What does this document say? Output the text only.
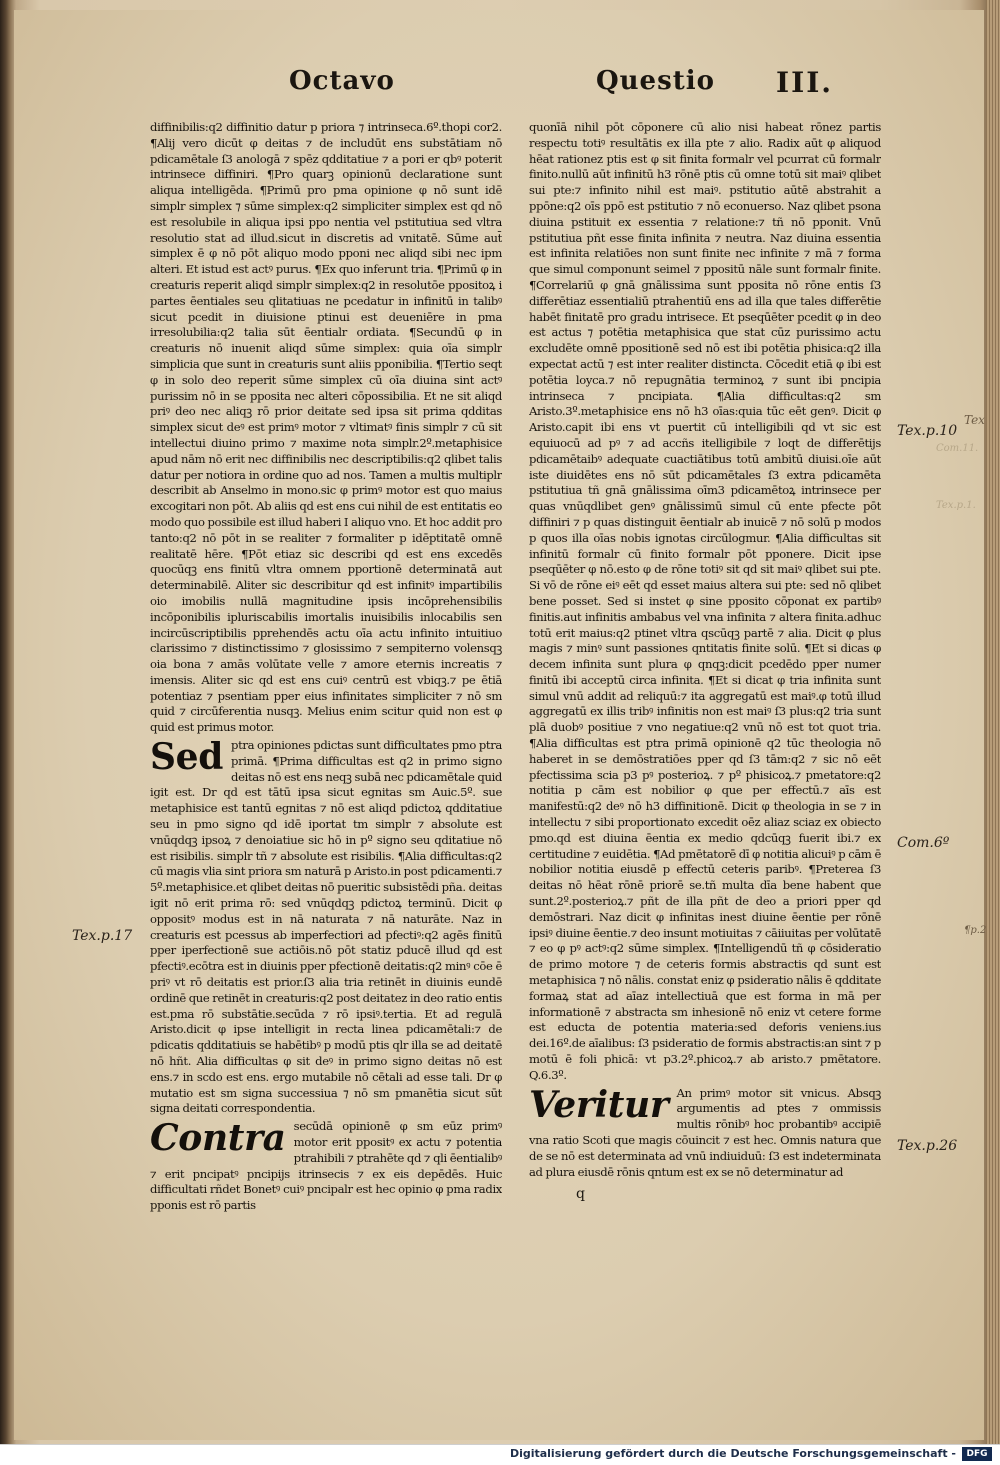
Octavo	Questio III.

diffinibilis:q2 diffinitio datur p priora ⁊ intrinseca.6º.thopi cor2. ¶Alij vero dicūt φ deitas ⁊ de includūt ens substātiam nō pdicamētale ſ3 anologā ⁊ spēz qdditatiue ⁊ a pori er qbꝰ poterit intrinsece diffiniri. ¶Pro quarꝫ opinionū declaratione sunt aliqua intelligēda. ¶Primū pro pma opinione φ nō sunt idē simplr simplex ⁊ sūme simplex:q2 simpliciter simplex est qd nō est resolubile in aliqua ipsi ppo nentia vel pstitutiua sed vltra resolutio stat ad illud.sicut in discretis ad vnitatē. Sūme aut̄ simplex ē φ nō pōt aliquo modo pponi nec aliqd sibi nec ipm alteri. Et istud est actꝰ purus. ¶Ex quo inferunt tria. ¶Primū φ in creaturis reperit aliqd simplr simplex:q2 in resolutōe ppositoꝝ i partes ēentiales seu qlitatiuas ne pcedatur in infinitū in talibꝰ sicut pcedit in diuisione ptinui est deueniēre in pma irresolubilia:q2 talia sūt ēentialr ordiata. ¶Secundū φ in creaturis nō inuenit aliqd sūme simplex: quia oīa simplr simplicia que sunt in creaturis sunt aliis pponibilia. ¶Tertio seqt φ in solo deo reperit sūme simplex cū oīa diuina sint actꝰ purissim nō in se pposita nec alteri cōpossibilia. Et ne sit aliqd priꝰ deo nec aliqꝫ rō prior deitate sed ipsa sit prima qdditas simplex sicut deꝰ est primꝰ motor ⁊ vltimatꝰ finis simplr ⁊ cū sit intellectui diuino primo ⁊ maxime nota simplr.2º.metaphisice apud nām nō erit nec diffinibilis nec descriptibilis:q2 qlibet talis datur per notiora in ordine quo ad nos. Tamen a multis multiplr describit ab Anselmo in mono.sic φ primꝰ motor est quo maius excogitari non pōt. Ab aliis qd est ens cui nihil de est entitatis eo modo quo possibile est illud haberi I aliquo vno. Et hoc addit pro tanto:q2 nō pōt in se realiter ⁊ formaliter p idēptitatē omnē realitatē hēre. ¶Pōt etiaz sic describi qd est ens excedēs quocūqꝫ ens finitū vltra omnem pportionē determinatā aut determinabilē. Aliter sic describitur qd est infinitꝰ impartibilis oio imobilis nullā magnitudine ipsis incōprehensibilis incōponibilis ipluriscabilis imortalis inuisibilis inlocabilis sen incircūscriptibilis pprehendēs actu oīa actu infinito intuitiuo clarissimo ⁊ distinctissimo ⁊ glosissimo ⁊ sempiterno volensqꝫ oia bona ⁊ amās volūtate velle ⁊ amore eternis increatis ⁊ imensis. Aliter sic qd est ens cuiꝰ centrū est vbiqꝫ.⁊ pe ētiā potentiaz ⁊ psentiam pper eius infinitates simpliciter ⁊ nō sm quid ⁊ circūferentia nusqꝫ. Melius enim scitur quid non est φ quid est primus motor.

Sed ptra opiniones pdictas sunt difficultates pmo ptra primā. ¶Prima difficultas est q2 in primo signo deitas nō est ens neqꝫ subā nec pdicamētale quid igit est. Dr qd est tātū ipsa sicut egnitas sm Auic.5º. sue metaphisice est tantū egnitas ⁊ nō est aliqd pdictoꝝ qdditatiue seu in pmo signo qd idē iportat tm simplr ⁊ absolute est vnūqdqꝫ ipsoꝝ ⁊ denoiatiue sic hō in pº signo seu qditatiue nō est risibilis. simplr tñ ⁊ absolute est risibilis. ¶Alia difficultas:q2 cū magis vlia sint priora sm naturā p Aristo.in post pdicamenti.⁊ 5º.metaphisice.et qlibet deitas nō pueritic subsistēdi pña. deitas igit nō erit prima rō: sed vnūqdqꝫ pdictoꝝ terminū. Dicit φ oppositꝰ modus est in nā naturata ⁊ nā naturāte. Naz in creaturis est pcessus ab imperfectiori ad pfectiꝰ:q2 agēs finitū pper iperfectionē sue actiōis.nō pōt statiz pducē illud qd est pfectiꝰ.ecōtra est in diuinis pper pfectionē deitatis:q2 minꝰ cōe ē priꝰ vt rō deitatis est prior.ſ3 alia tria retinēt in diuinis eundē ordinē que retinēt in creaturis:q2 post deitatez in deo ratio entis est.pma rō substātie.secūda ⁊ rō ipsiꝰ.tertia. Et ad regulā Aristo.dicit φ ipse intelligit in recta linea pdicamētali:⁊ de pdicatis qdditatiuis se habētibꝰ p modū ptis qlr illa se ad deitatē nō hñt. Alia difficultas φ sit deꝰ in primo signo deitas nō est ens.⁊ in scdo est ens. ergo mutabile nō cētali ad esse tali. Dr φ mutatio est sm signa successiua ⁊ nō sm pmanētia sicut sūt signa deitati correspondentia.
Contra secūdā opinionē φ sm eūz primꝰ motor erit ppositꝰ ex actu ⁊ potentia ptrahibili ⁊ ptrahēte qd ⁊ qli ēentialibꝰ ⁊ erit pncipatꝰ pncipijs itrinsecis ⁊ ex eis depēdēs. Huic difficultati rñdet Bonetꝰ cuiꝰ pncipalr est hec opinio φ pma radix pponis est rō partis

quonīā nihil pōt cōponere cū alio nisi habeat rōnez partis respectu totiꝰ resultātis ex illa pte ⁊ alio. Radix aūt φ aliquod hēat rationez ptis est φ sit finita formalr vel pcurrat cū formalr finito.nullū aūt infinitū h3 rōnē ptis cū omne totū sit maiꝰ qlibet sui pte:⁊ infinito nihil est maiꝰ. pstitutio aūtē abstrahit a ppōne:q2 oīs ppō est pstitutio ⁊ nō econuerso. Naz qlibet psona diuina pstituit ex essentia ⁊ relatione:⁊ tñ nō pponit. Vnū pstitutiua pñt esse finita infinita ⁊ neutra. Naz diuina essentia est infinita relatiōes non sunt finite nec infinite ⁊ mā ⁊ forma que simul componunt seimel ⁊ ppositū nāle sunt formalr finite. ¶Correlariū φ gnā gnālissima sunt pposita nō rōne entis ſ3 differētiaz essentialiū ptrahentiū ens ad illa que tales differētie habēt finitatē pro gradu intrisece. Et pseqūēter pcedit φ in deo est actus ⁊ potētia metaphisica que stat cūz purissimo actu excludēte omnē ppositionē sed nō est ibi potētia phisica:q2 illa expectat actū ⁊ est inter realiter distincta. Cōcedit etiā φ ibi est potētia loyca.⁊ nō repugnātia terminoꝝ ⁊ sunt ibi pncipia intrinseca ⁊ pncipiata. ¶Alia difficultas:q2 sm Aristo.3º.metaphisice ens nō h3 oīas:quia tūc eēt genꝰ. Dicit φ Aristo.capit ibi ens vt puertit cū intelligibili qd vt sic est equiuocū ad pꝰ ⁊ ad accñs itelligibile ⁊ loqt de differētijs pdicamētaibꝰ adequate cuactiātibus totū ambitū diuisi.oīe aūt iste diuidētes ens nō sūt pdicamētales ſ3 extra pdicamēta pstitutiua tñ gnā gnālissima oīm3 pdicamētoꝝ intrinsece per quas vnūqdlibet genꝰ gnālissimū simul cū ente pfecte pōt diffiniri ⁊ p quas distinguit ēentialr ab inuicē ⁊ nō solū p modos p quos illa oīas nobis ignotas circūlogmur. ¶Alia difficultas sit infinitū formalr cū finito formalr pōt pponere. Dicit ipse pseqūēter φ nō.esto φ de rōne totiꝰ sit qd sit maiꝰ qlibet sui pte. Si vō de rōne eiꝰ eēt qd esset maius altera sui pte: sed nō qlibet bene posset. Sed si instet φ sine pposito cōponat ex partibꝰ finitis.aut infinitis ambabus vel vna infinita ⁊ altera finita.adhuc totū erit maius:q2 ptinet vltra qscūqꝫ partē ⁊ alia. Dicit φ plus magis ⁊ minꝰ sunt passiones qntitatis finite solū. ¶Et si dicas φ decem infinita sunt plura φ qnqꝫ:dicit pcedēdo pper numer finitū ibi acceptū circa infinita. ¶Et si dicat φ tria infinita sunt simul vnū addit ad reliquū:⁊ ita aggregatū est maiꝰ.φ totū illud aggregatū ex illis tribꝰ infinitis non est maiꝰ ſ3 plus:q2 tria sunt plā duobꝰ positiue ⁊ vno negatiue:q2 vnū nō est tot quot tria. ¶Alia difficultas est ptra primā opinionē q2 tūc theologia nō haberet in se demōstratiōes pper qd ſ3 tām:q2 ⁊ sic nō eēt pfectissima scia p3 pꝰ posterioꝝ. ⁊ pº phisicoꝝ.⁊ pmetatore:q2 notitia p cām est nobilior φ que per effectū.⁊ aīs est manifestū:q2 deꝰ nō h3 diffinitionē. Dicit φ theologia in se ⁊ in intellectu ⁊ sibi proportionato excedit oēz aliaz sciaz ex obiecto pmo.qd est diuina ēentia ex medio qdcūqꝫ fuerit ibi.⁊ ex certitudine ⁊ euidētia. ¶Ad pmētatorē dī φ notitia alicuiꝰ p cām ē nobilior notitia eiusdē p effectū ceteris paribꝰ. ¶Preterea ſ3 deitas nō hēat rōnē priorē se.tñ multa dīa bene habent que sunt.2º.posterioꝝ.⁊ pñt de illa pñt de deo a priori pper qd demōstrari. Naz dicit φ infinitas inest diuine ēentie per rōnē ipsiꝰ diuine ēentie.⁊ deo insunt motiuitas ⁊ cāiiuitas per volūtatē ⁊ eo φ pꝰ actꝰ:q2 sūme simplex. ¶Intelligendū tñ φ cōsideratio de primo motore ⁊ de ceteris formis abstractis qd sunt est metaphisica ⁊ nō nālis. constat eniz φ psideratio nālis ē qdditate formaꝝ stat ad aīaz intellectiuā que est forma in mā per informationē ⁊ abstracta sm inhesionē nō eniz vt cetere forme est educta de potentia materia:sed deforis veniens.ius dei.16º.de aīalibus: ſ3 psideratio de formis abstractis:an sint ⁊ p motū ē foli phicā: vt p3.2º.phicoꝝ.⁊ ab aristo.⁊ pmētatore. Q.6.3º.

Veritur An primꝰ motor sit vnicus. Absqꝫ argumentis ad ptes ⁊ ommissis multis rōnibꝰ hoc probantibꝰ accipiē vna ratio Scoti que magis cōuincit ⁊ est hec. Omnis natura que de se nō est determinata ad vnū indiuiduū: ſ3 est indeterminata ad plura eiusdē rōnis qntum est ex se nō determinatur ad
q
Tex.p.17
Tex.p.10
Com.6º
Tex.p.26
Com.11.
Tex.p.1.
Tex
¶p.2
Digitalisierung gefördert durch die Deutsche Forschungsgemeinschaft -	DFG
